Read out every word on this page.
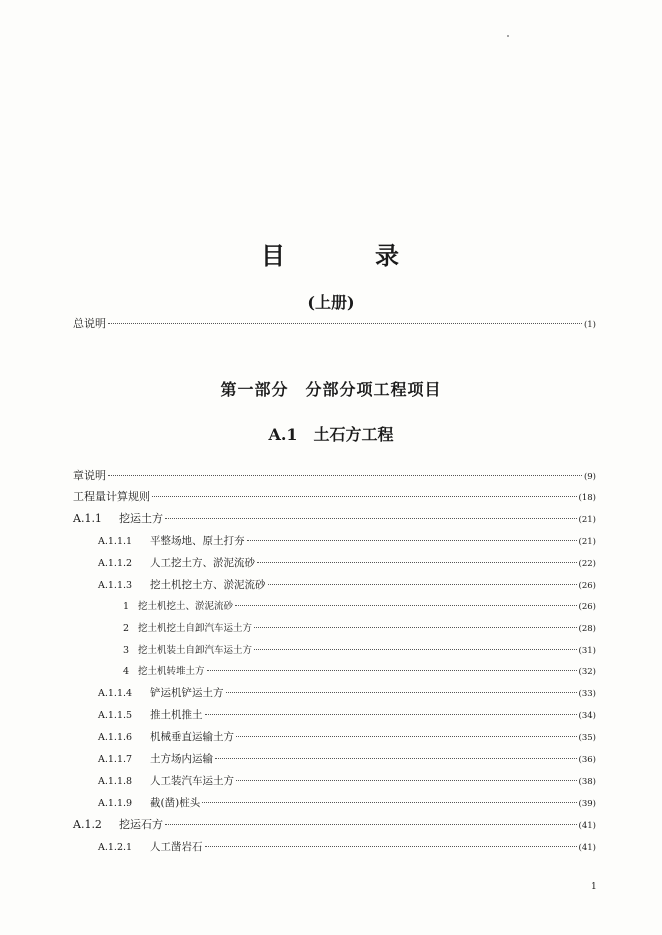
目	录
(上册)
总说明	(1)
第一部分　分部分项工程项目
A.1　土石方工程
章说明	(9)
工程量计算规则	(18)
A.1.1	挖运土方	(21)
A.1.1.1	平整场地、原土打夯	(21)
A.1.1.2	人工挖土方、淤泥流砂	(22)
A.1.1.3	挖土机挖土方、淤泥流砂	(26)
1 挖土机挖土、淤泥流砂	(26)
2 挖土机挖土自卸汽车运土方	(28)
3 挖土机装土自卸汽车运土方	(31)
4 挖土机转堆土方	(32)
A.1.1.4	铲运机铲运土方	(33)
A.1.1.5	推土机推土	(34)
A.1.1.6	机械垂直运输土方	(35)
A.1.1.7	土方场内运输	(36)
A.1.1.8	人工装汽车运土方	(38)
A.1.1.9	截(凿)桩头	(39)
A.1.2	挖运石方	(41)
A.1.2.1	人工凿岩石	(41)
1
